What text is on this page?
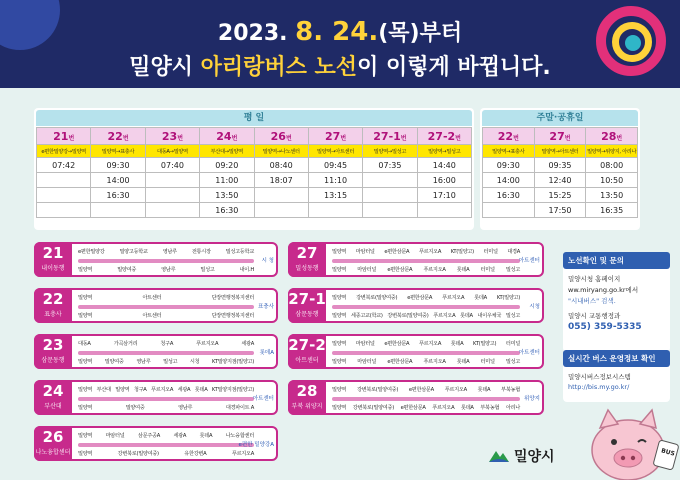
2023. 8. 24.(목)부터
밀양시 아리랑버스 노선이 이렇게 바뀝니다.
평 일
21번	22번	23번	24번	26번	27번	27-1번	27-2번
e편한밀양강→밀양역	밀양역→표충사	대동A→밀양역	부산대→밀양역	밀양역→나노센터	밀양역→아트센터	밀양역→밀성고	밀양역→밀성고
07:42	09:30	07:40	09:20	08:40	09:45	07:35	14:40
	14:00		11:00	18:07	11:10		16:00
	16:30		13:50		13:15		17:10
			16:30				
주말·공휴일
22번	27번	28번
밀양역→표충사	밀양역→아트센터	밀양역→위양지, 아리나
09:30	09:35	08:00
14:00	12:40	10:50
16:30	15:25	13:50
	17:50	16:35
21
내이동행
시 청
e편한밀양강	밀양고등학교	영남루	전통시장	밀성고등학교
밀양역	밀양여중	영남루	밀성고	내이.H
22
표충사
표충사
밀양역	아트센터	단장면행정복지센터
밀양역	아트센터	단장면행정복지센터
23
삼문동행
롯데A
대동A	가곡삼거리	청구A	푸르지오A	세광A
밀양역 밀양여중 영남루 밀성고 시청 KT밀양지점(밀양고)
24
부산대
아트센터
밀양역 부산대 밀양역 청구A 푸르지오A 세광A 롯데A KT밀양지점(밀양고)
밀양역	밀양여중	영남루	대경파이트 A
26
나노융합센터
e편한 밀양강A
밀양역	마암터널	삼문주공A	세광A	롯데A	나노융합센터
밀양역	강변북로(밀양여중)	유한강변A	푸르지오A
27
밀성동행
아트센터
밀양역 마암터널 e편한삼문A 푸르지오A KT(밀양고) 터미널 대경A
밀양역 마암터널 e편한삼문A 푸르지오A 롯데A 터미널 밀성고
27-1
삼문동행
시청
밀양역 강변북로(밀양여중) e편한삼문A 푸르지오A 롯데A KT(밀양고)
밀양역 세종고교(학교) 강변북로(밀양여중) 푸르지오A 롯데A 내이우체국 밀성고
27-2
아트센터
아트센터
밀양역 마암터널 e편한삼문A 푸르지오A 롯데A KT(밀양고) 터미널
밀양역 마암터널 e편한삼문A 푸르지오A 롯데A 터미널 밀성고
28
부북 위양지
위양지
밀양역 강변북로(밀양여중) e편한삼문A 푸르지오A 롯데A 부북농협
밀양역 강변북로(밀양여중) e편한삼문A 푸르지오A 롯데A 부북농협 아리나
노선확인 및 문의
밀양시청 홈페이지
ww.miryang.go.kr에서
"시내버스" 검색.
밀양시 교통행정과
055) 359-5335
실시간 버스 운영정보 확인
밀양시버스정보시스템
http://bis.my.go.kr/
BUS
밀양시
